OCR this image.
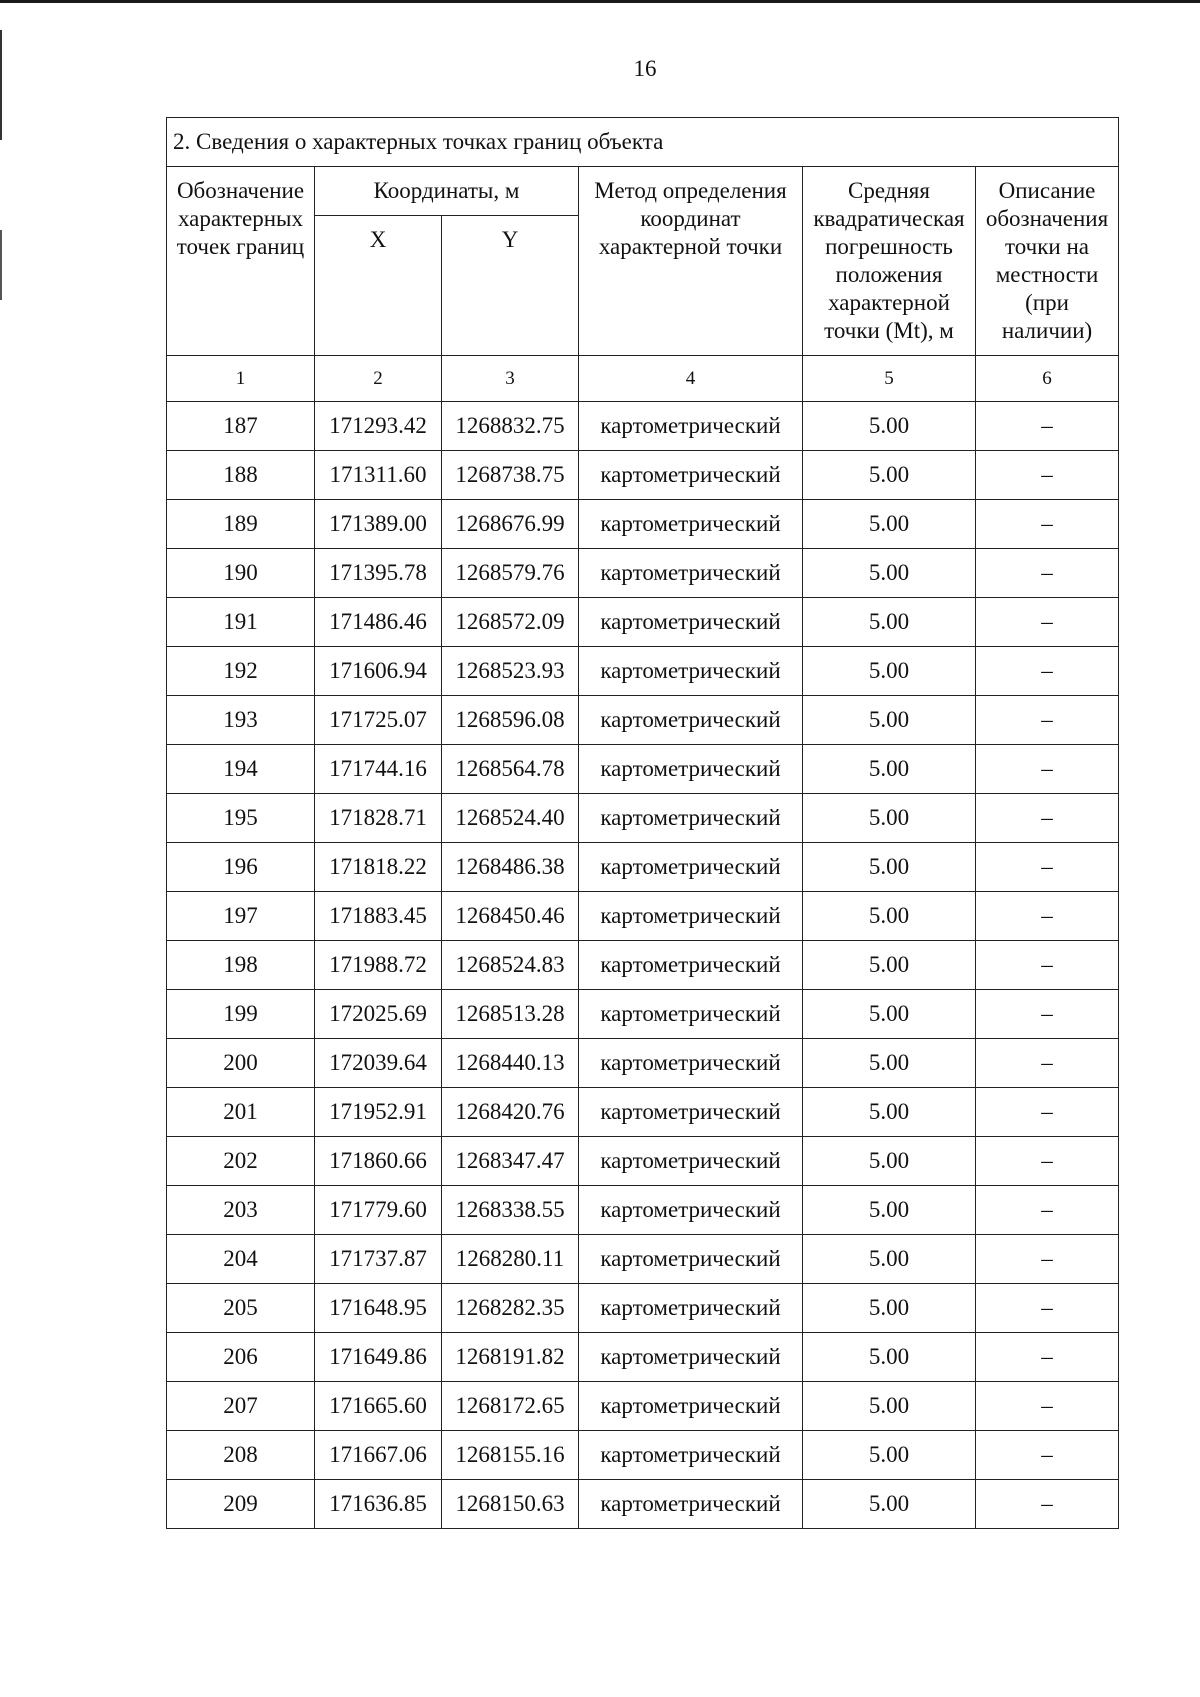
16
2. Сведения о характерных точках границ объекта					
Обозначение характерных точек границ	Координаты, м		Метод определения координат характерной точки	Средняя квадратическая погрешность положения характерной точки (Mt), м	Описание обозначения точки на местности (при наличии)
	X	Y			
1	2	3	4	5	6
187	171293.42	1268832.75	картометрический	5.00	–
188	171311.60	1268738.75	картометрический	5.00	–
189	171389.00	1268676.99	картометрический	5.00	–
190	171395.78	1268579.76	картометрический	5.00	–
191	171486.46	1268572.09	картометрический	5.00	–
192	171606.94	1268523.93	картометрический	5.00	–
193	171725.07	1268596.08	картометрический	5.00	–
194	171744.16	1268564.78	картометрический	5.00	–
195	171828.71	1268524.40	картометрический	5.00	–
196	171818.22	1268486.38	картометрический	5.00	–
197	171883.45	1268450.46	картометрический	5.00	–
198	171988.72	1268524.83	картометрический	5.00	–
199	172025.69	1268513.28	картометрический	5.00	–
200	172039.64	1268440.13	картометрический	5.00	–
201	171952.91	1268420.76	картометрический	5.00	–
202	171860.66	1268347.47	картометрический	5.00	–
203	171779.60	1268338.55	картометрический	5.00	–
204	171737.87	1268280.11	картометрический	5.00	–
205	171648.95	1268282.35	картометрический	5.00	–
206	171649.86	1268191.82	картометрический	5.00	–
207	171665.60	1268172.65	картометрический	5.00	–
208	171667.06	1268155.16	картометрический	5.00	–
209	171636.85	1268150.63	картометрический	5.00	–
